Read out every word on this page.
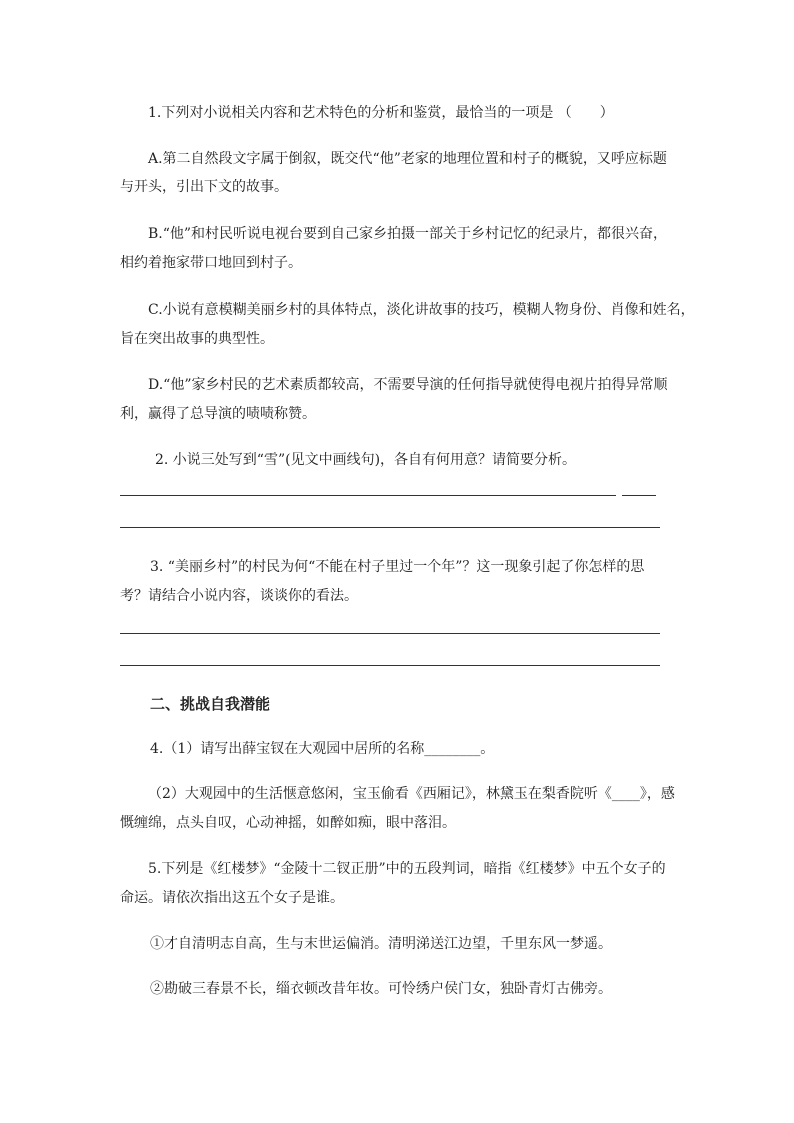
1.下列对小说相关内容和艺术特色的分析和鉴赏，最恰当的一项是 （　　）
A.第二自然段文字属于倒叙，既交代“他”老家的地理位置和村子的概貌，又呼应标题
与开头，引出下文的故事。
B.“他”和村民听说电视台要到自己家乡拍摄一部关于乡村记忆的纪录片，都很兴奋，
相约着拖家带口地回到村子。
C.小说有意模糊美丽乡村的具体特点，淡化讲故事的技巧，模糊人物身份、肖像和姓名，
旨在突出故事的典型性。
D.“他”家乡村民的艺术素质都较高，不需要导演的任何指导就使得电视片拍得异常顺
利，赢得了总导演的啧啧称赞。
2. 小说三处写到“雪”(见文中画线句)，各自有何用意？请简要分析。
3. “美丽乡村”的村民为何“不能在村子里过一个年”？这一现象引起了你怎样的思
考？请结合小说内容，谈谈你的看法。
二、挑战自我潜能
4.（1）请写出薛宝钗在大观园中居所的名称________。
（2）大观园中的生活惬意悠闲，宝玉偷看《西厢记》，林黛玉在梨香院听《____》，感
慨缠绵，点头自叹，心动神摇，如醉如痴，眼中落泪。
5.下列是《红楼梦》“金陵十二钗正册”中的五段判词，暗指《红楼梦》中五个女子的
命运。请依次指出这五个女子是谁。
①才自清明志自高，生与末世运偏消。清明涕送江边望，千里东风一梦遥。
②勘破三春景不长，缁衣顿改昔年妆。可怜绣户侯门女，独卧青灯古佛旁。
